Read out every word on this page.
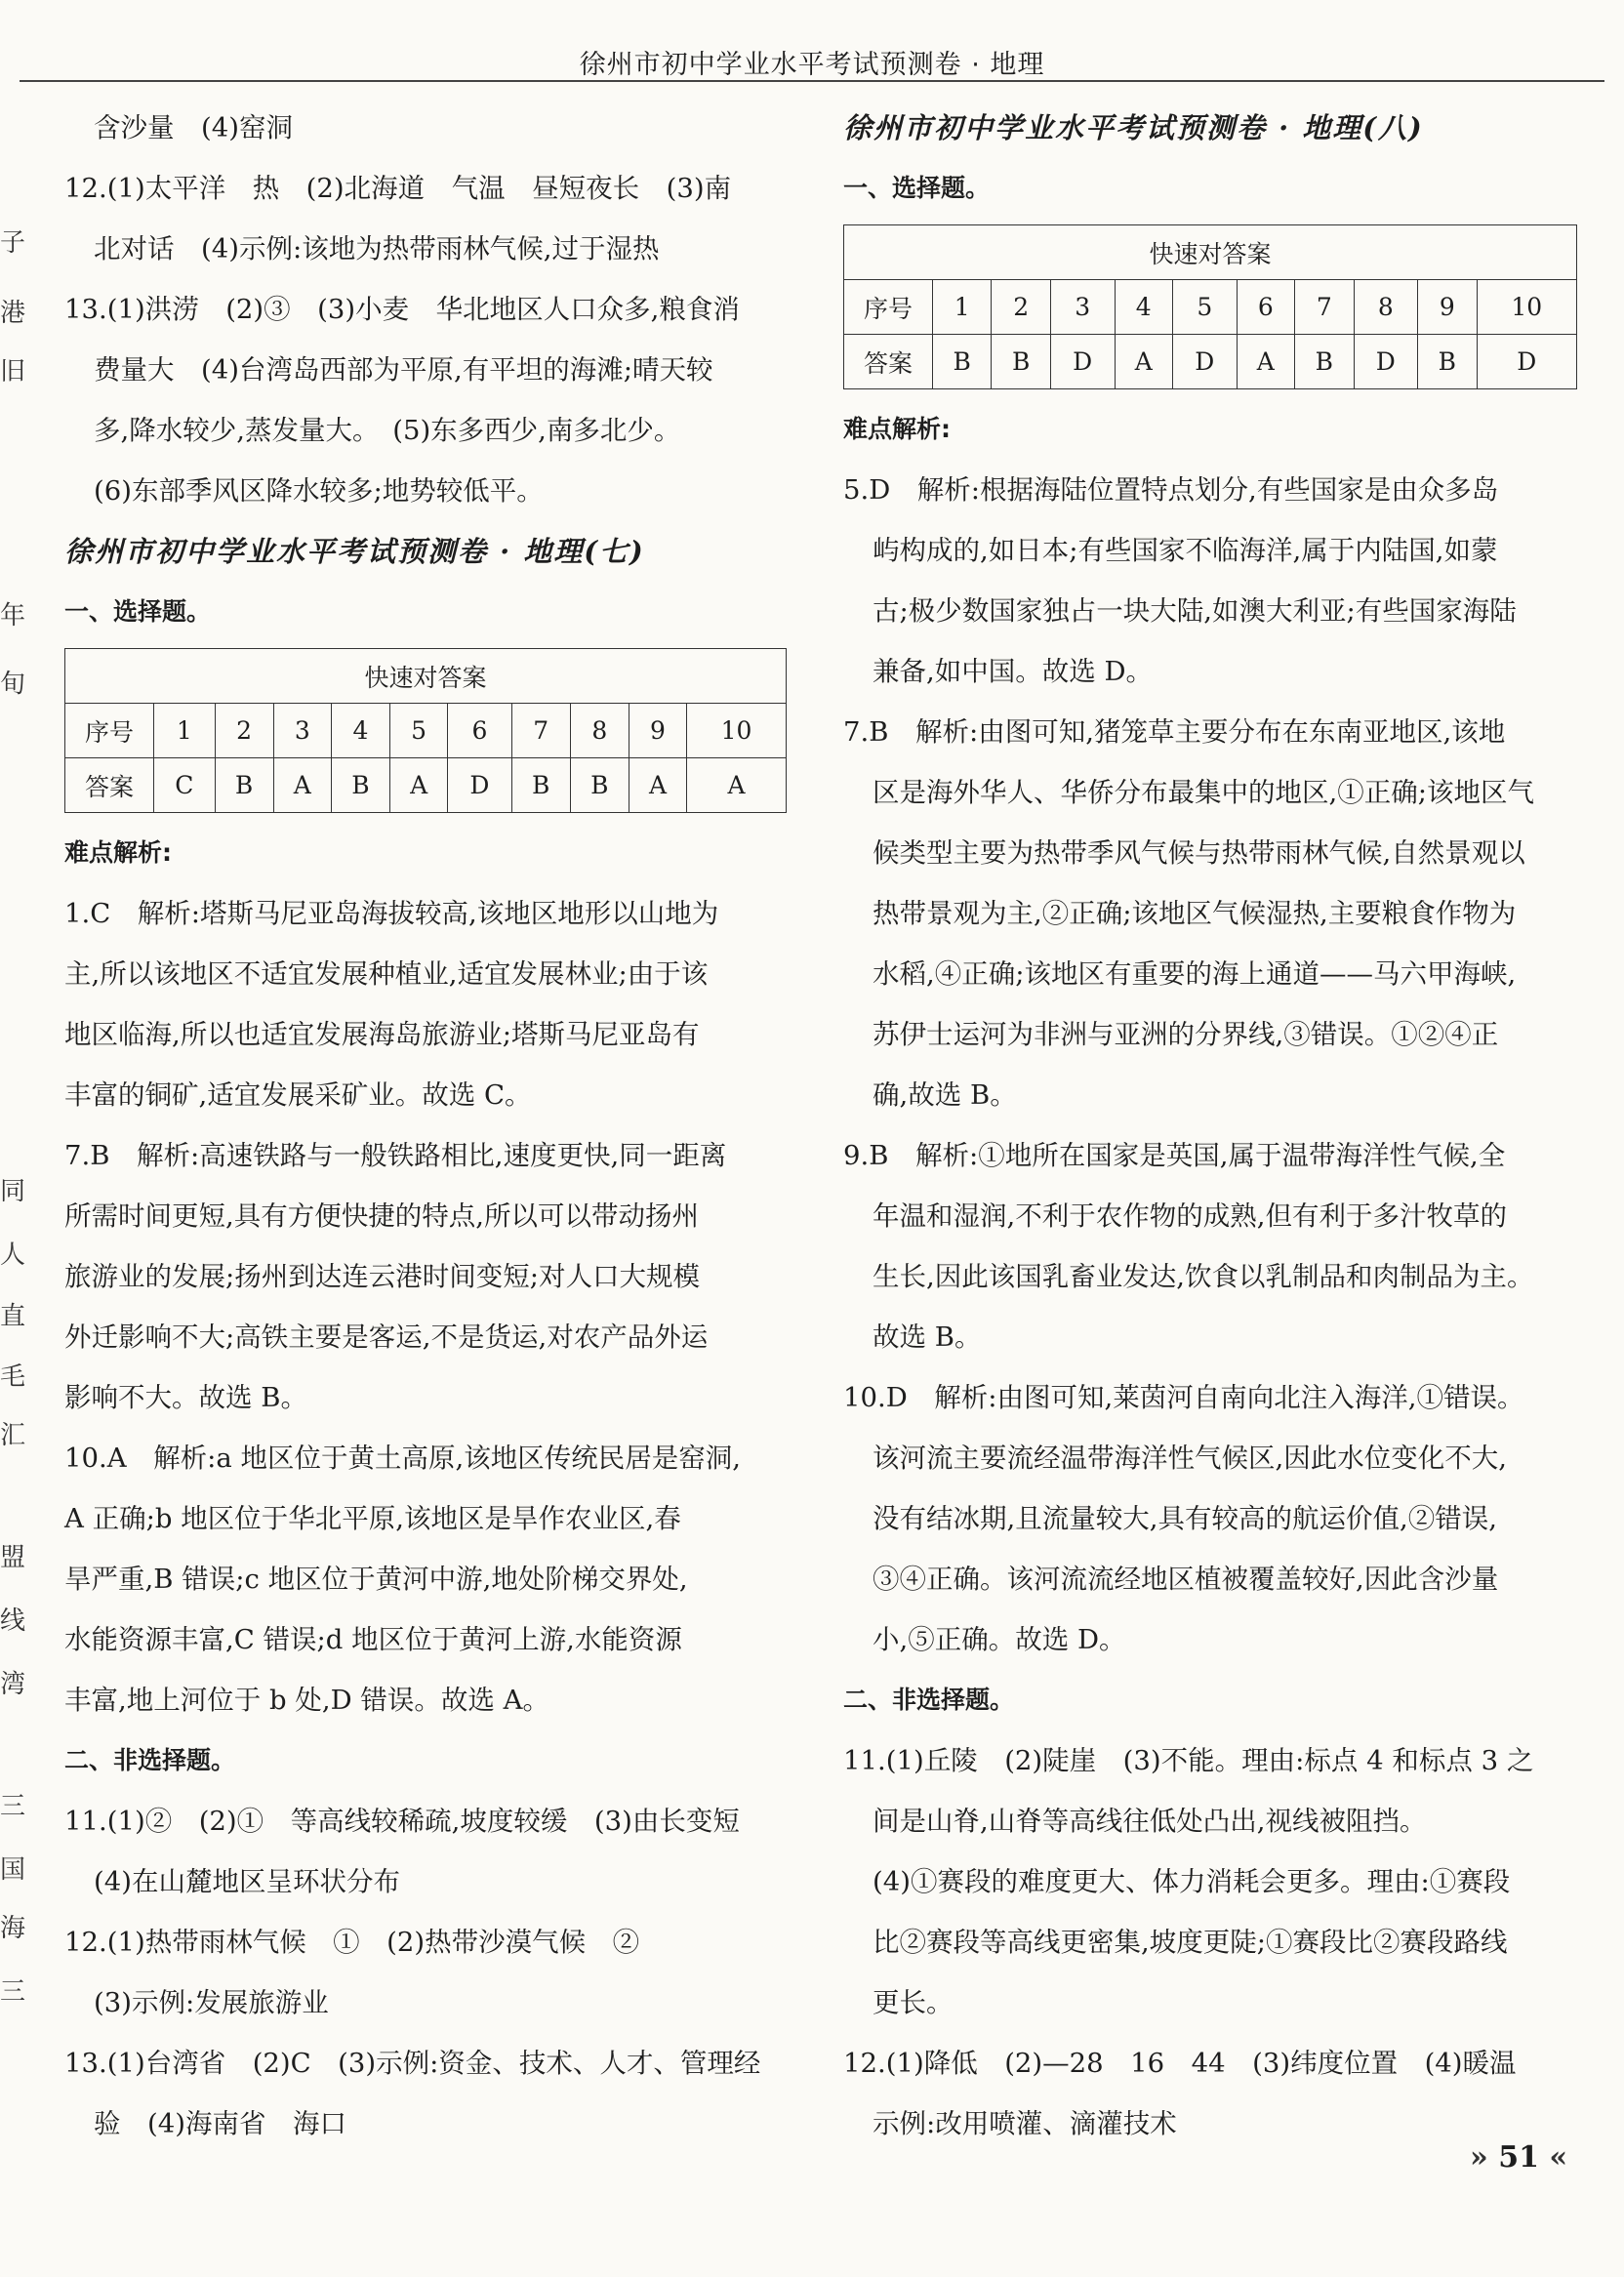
徐州市初中学业水平考试预测卷 · 地理
子
港
旧
年
旬
同
人
直
毛
汇
盟
线
湾
三
国
海
三
含沙量　(4)窑洞
12.(1)太平洋　热　(2)北海道　气温　昼短夜长　(3)南
北对话　(4)示例:该地为热带雨林气候,过于湿热
13.(1)洪涝　(2)③　(3)小麦　华北地区人口众多,粮食消
费量大　(4)台湾岛西部为平原,有平坦的海滩;晴天较
多,降水较少,蒸发量大。　(5)东多西少,南多北少。
(6)东部季风区降水较多;地势较低平。
徐州市初中学业水平考试预测卷 · 地理(七)
一、选择题。
快速对答案										
序号	1	2	3	4	5	6	7	8	9	10
答案	C	B	A	B	A	D	B	B	A	A
难点解析:
1.C　解析:塔斯马尼亚岛海拔较高,该地区地形以山地为
主,所以该地区不适宜发展种植业,适宜发展林业;由于该
地区临海,所以也适宜发展海岛旅游业;塔斯马尼亚岛有
丰富的铜矿,适宜发展采矿业。故选 C。
7.B　解析:高速铁路与一般铁路相比,速度更快,同一距离
所需时间更短,具有方便快捷的特点,所以可以带动扬州
旅游业的发展;扬州到达连云港时间变短;对人口大规模
外迁影响不大;高铁主要是客运,不是货运,对农产品外运
影响不大。故选 B。
10.A　解析:a 地区位于黄土高原,该地区传统民居是窑洞,
A 正确;b 地区位于华北平原,该地区是旱作农业区,春
旱严重,B 错误;c 地区位于黄河中游,地处阶梯交界处,
水能资源丰富,C 错误;d 地区位于黄河上游,水能资源
丰富,地上河位于 b 处,D 错误。故选 A。
二、非选择题。
11.(1)②　(2)①　等高线较稀疏,坡度较缓　(3)由长变短
(4)在山麓地区呈环状分布
12.(1)热带雨林气候　①　(2)热带沙漠气候　②
(3)示例:发展旅游业
13.(1)台湾省　(2)C　(3)示例:资金、技术、人才、管理经
验　(4)海南省　海口
徐州市初中学业水平考试预测卷 · 地理(八)
一、选择题。
快速对答案										
序号	1	2	3	4	5	6	7	8	9	10
答案	B	B	D	A	D	A	B	D	B	D
难点解析:
5.D　解析:根据海陆位置特点划分,有些国家是由众多岛
屿构成的,如日本;有些国家不临海洋,属于内陆国,如蒙
古;极少数国家独占一块大陆,如澳大利亚;有些国家海陆
兼备,如中国。故选 D。
7.B　解析:由图可知,猪笼草主要分布在东南亚地区,该地
区是海外华人、华侨分布最集中的地区,①正确;该地区气
候类型主要为热带季风气候与热带雨林气候,自然景观以
热带景观为主,②正确;该地区气候湿热,主要粮食作物为
水稻,④正确;该地区有重要的海上通道——马六甲海峡,
苏伊士运河为非洲与亚洲的分界线,③错误。①②④正
确,故选 B。
9.B　解析:①地所在国家是英国,属于温带海洋性气候,全
年温和湿润,不利于农作物的成熟,但有利于多汁牧草的
生长,因此该国乳畜业发达,饮食以乳制品和肉制品为主。
故选 B。
10.D　解析:由图可知,莱茵河自南向北注入海洋,①错误。
该河流主要流经温带海洋性气候区,因此水位变化不大,
没有结冰期,且流量较大,具有较高的航运价值,②错误,
③④正确。该河流流经地区植被覆盖较好,因此含沙量
小,⑤正确。故选 D。
二、非选择题。
11.(1)丘陵　(2)陡崖　(3)不能。理由:标点 4 和标点 3 之
间是山脊,山脊等高线往低处凸出,视线被阻挡。
(4)①赛段的难度更大、体力消耗会更多。理由:①赛段
比②赛段等高线更密集,坡度更陡;①赛段比②赛段路线
更长。
12.(1)降低　(2)—28　16　44　(3)纬度位置　(4)暖温
示例:改用喷灌、滴灌技术
» 51 «
